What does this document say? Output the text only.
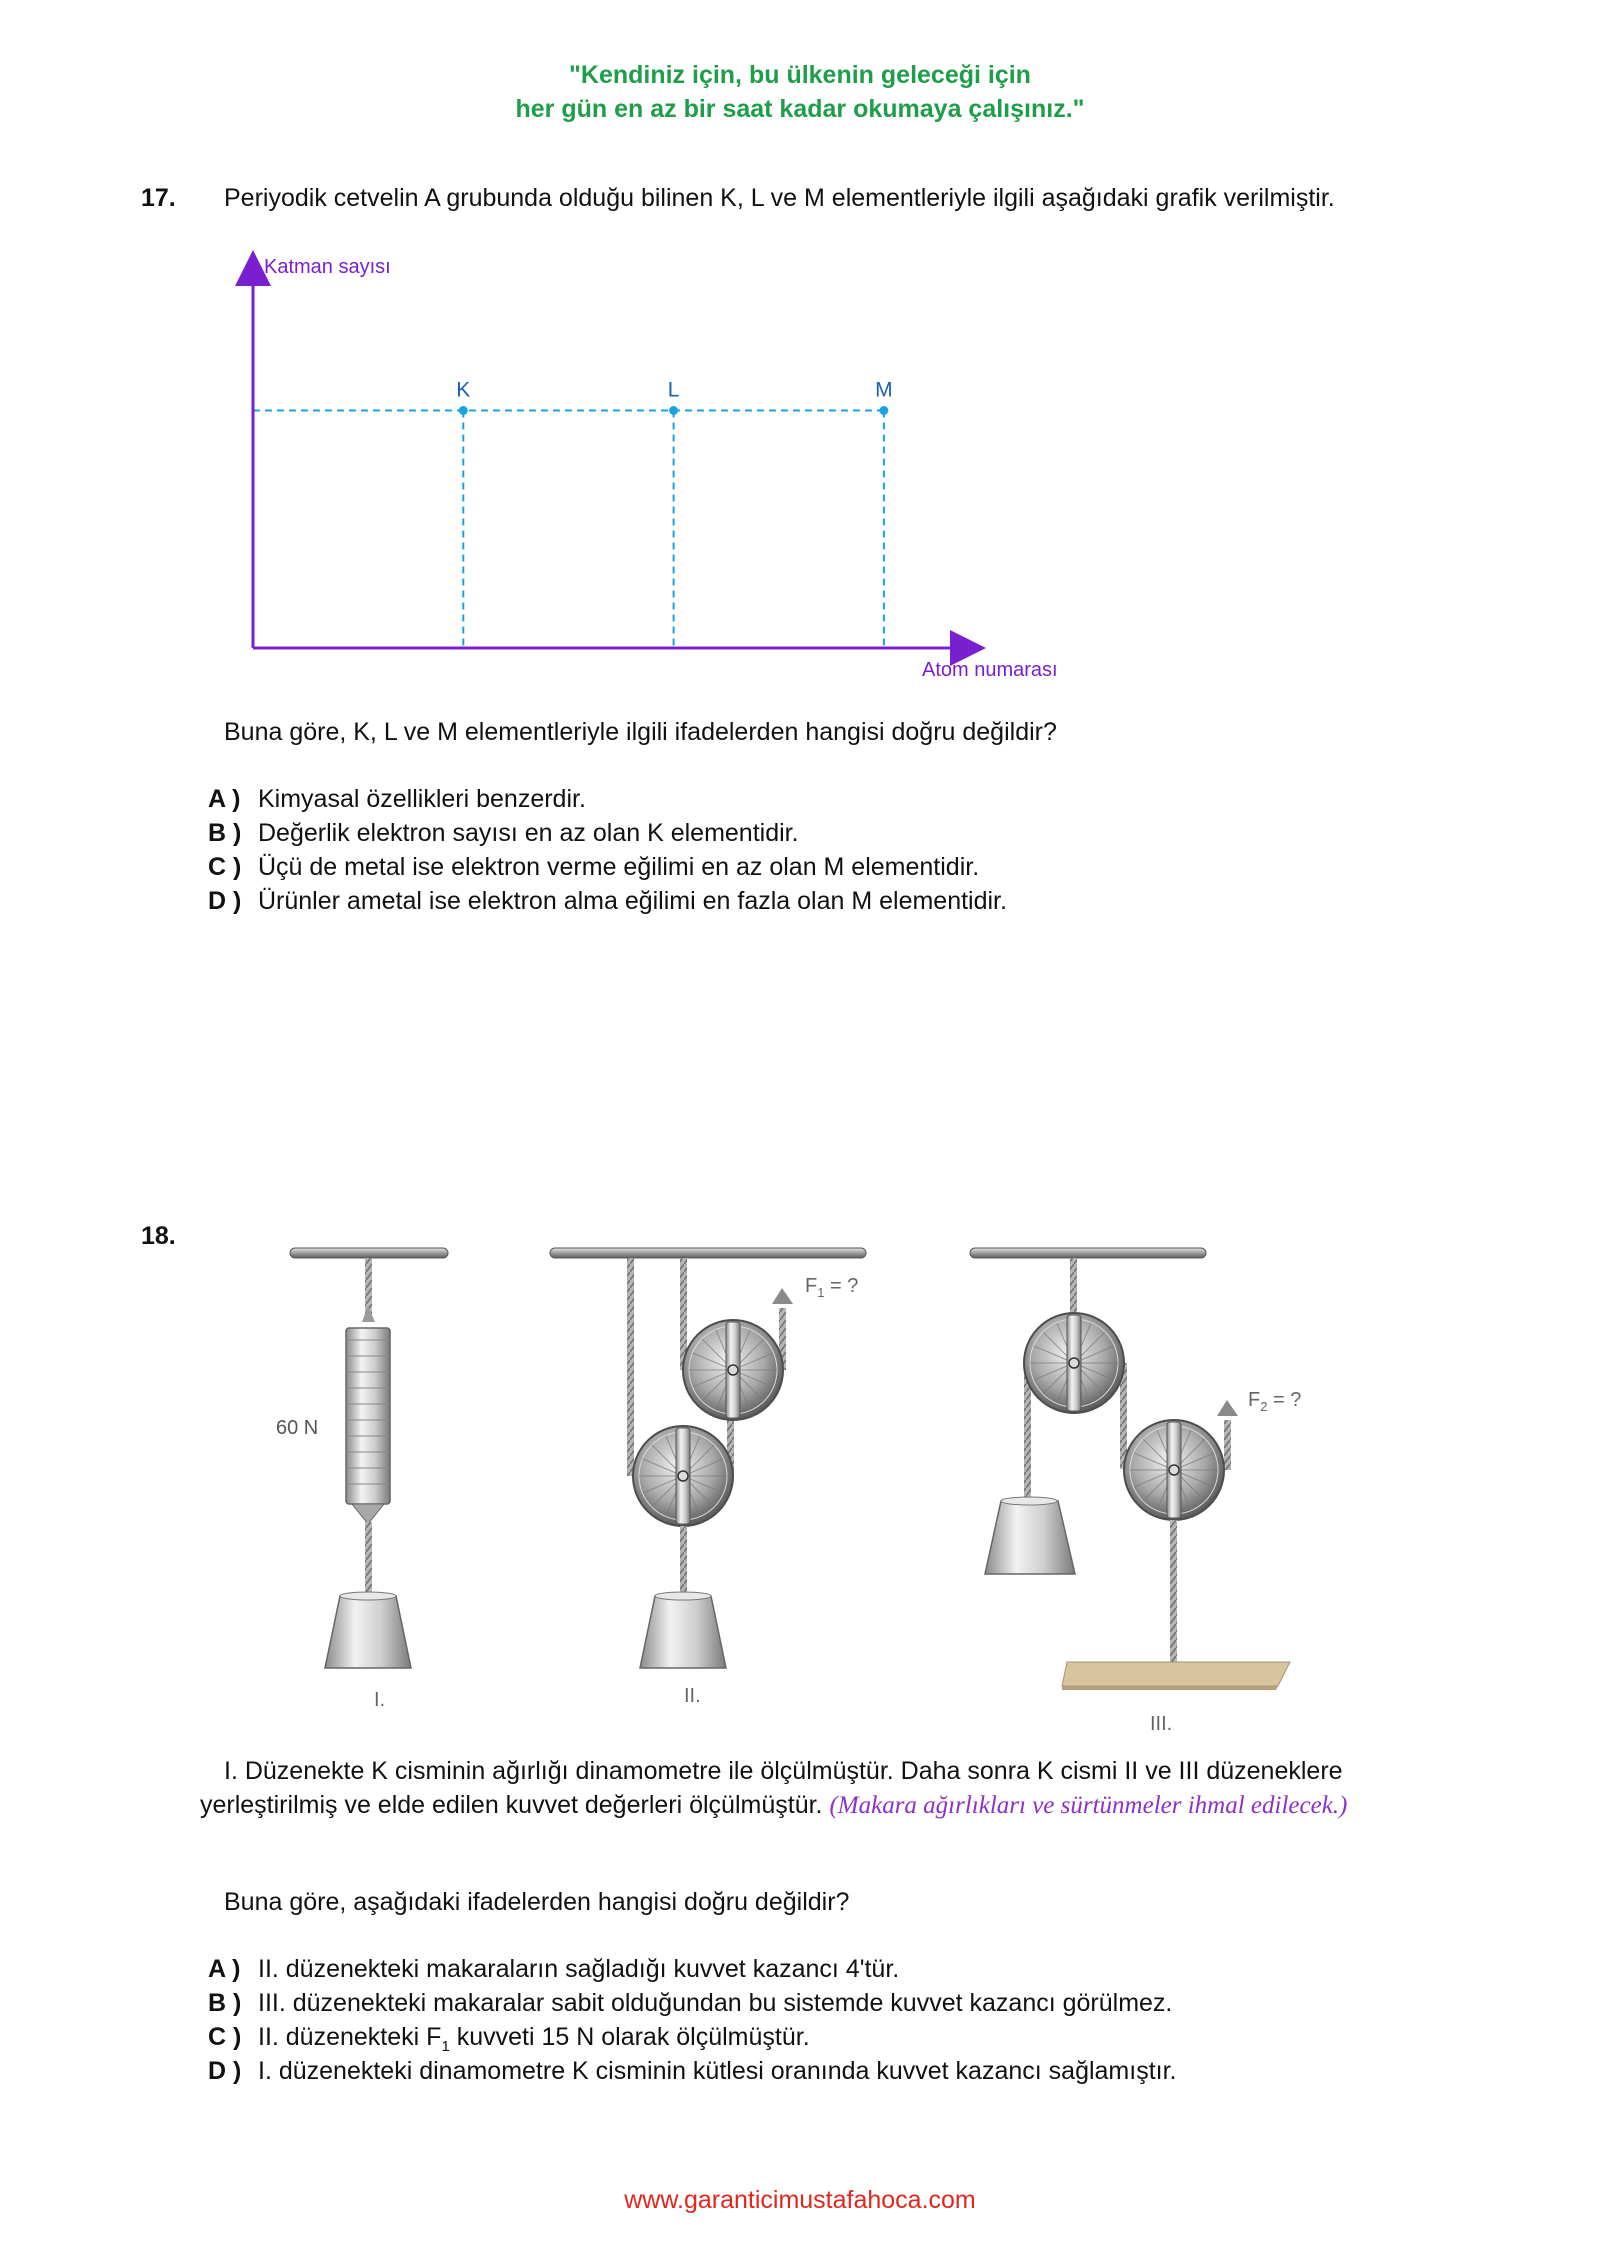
"Kendiniz için, bu ülkenin geleceği için
her gün en az bir saat kadar okumaya çalışınız."
17. Periyodik cetvelin A grubunda olduğu bilinen K, L ve M elementleriyle ilgili aşağıdaki grafik verilmiştir.
Katman sayısı
Atom numarası
K	L	M
Buna göre, K, L ve M elementleriyle ilgili ifadelerden hangisi doğru değildir?
A ) Kimyasal özellikleri benzerdir.
B ) Değerlik elektron sayısı en az olan K elementidir.
C ) Üçü de metal ise elektron verme eğilimi en az olan M elementidir.
D ) Ürünler ametal ise elektron alma eğilimi en fazla olan M elementidir.
18.
60 N
I.
$F_1$ = ?
II.
$F_2$ = ?
III.
I. Düzenekte K cisminin ağırlığı dinamometre ile ölçülmüştür. Daha sonra K cismi II ve III düzeneklere yerleştirilmiş ve elde edilen kuvvet değerleri ölçülmüştür. (Makara ağırlıkları ve sürtünmeler ihmal edilecek.)
Buna göre, aşağıdaki ifadelerden hangisi doğru değildir?
A ) II. düzenekteki makaraların sağladığı kuvvet kazancı 4'tür.
B ) III. düzenekteki makaralar sabit olduğundan bu sistemde kuvvet kazancı görülmez.
C ) II. düzenekteki $F_1$ kuvveti 15 N olarak ölçülmüştür.
D ) I. düzenekteki dinamometre K cisminin kütlesi oranında kuvvet kazancı sağlamıştır.
www.garanticimustafahoca.com
